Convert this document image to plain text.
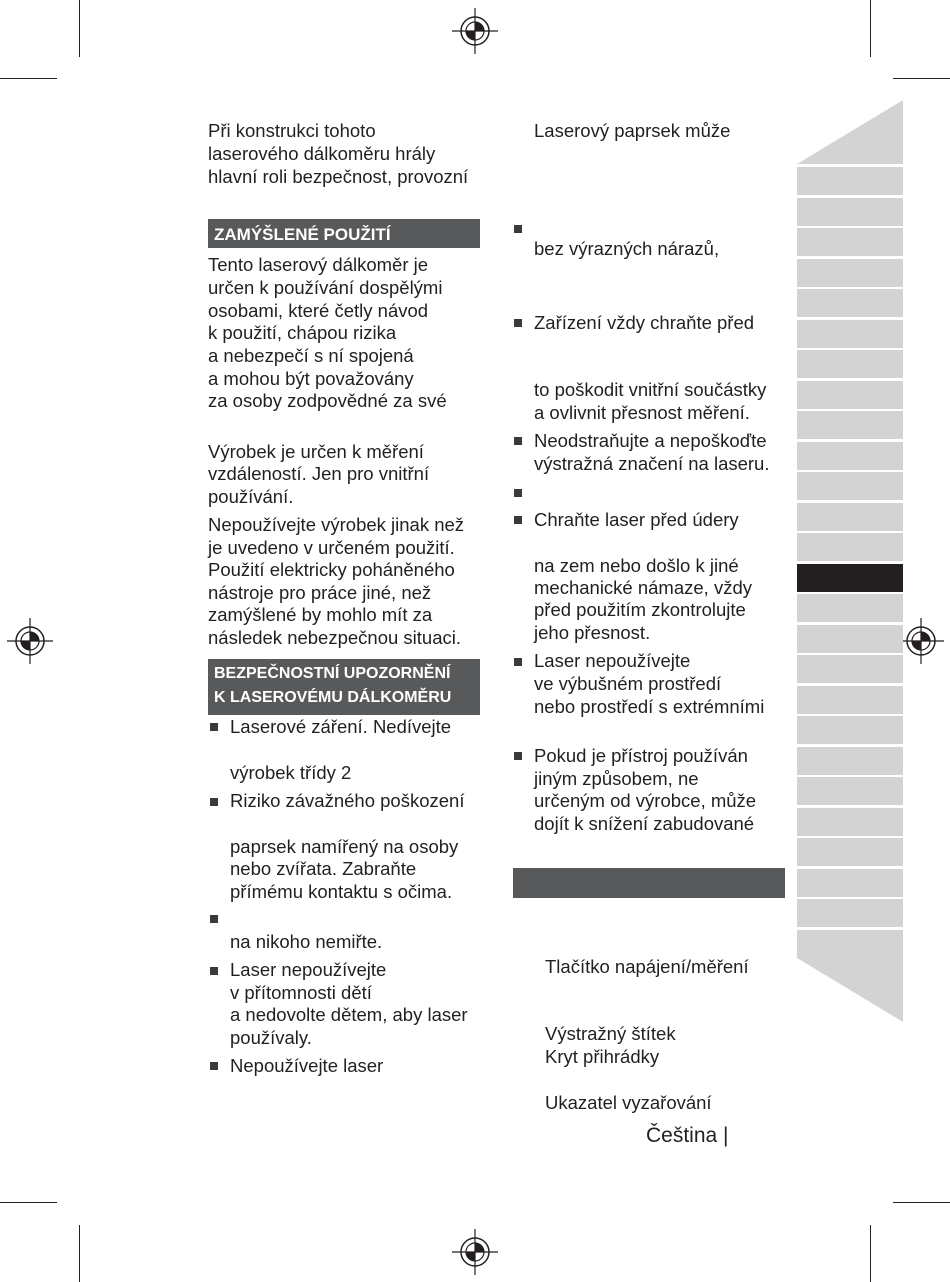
Při konstrukci tohoto
laserového dálkoměru hrály
hlavní roli bezpečnost, provozní
ZAMÝŠLENÉ POUŽITÍ
Tento laserový dálkoměr je
určen k používání dospělými
osobami, které četly návod
k použití, chápou rizika
a nebezpečí s ní spojená
a mohou být považovány
za osoby zodpovědné za své
Výrobek je určen k měření
vzdáleností. Jen pro vnitřní
používání.
Nepoužívejte výrobek jinak než
je uvedeno v určeném použití.
Použití elektricky poháněného
nástroje pro práce jiné, než
zamýšlené by mohlo mít za
následek nebezpečnou situaci.
BEZPEČNOSTNÍ UPOZORNĚNÍ
K LASEROVÉMU DÁLKOMĚRU
Laserové záření. Nedívejte
výrobek třídy 2
Riziko závažného poškození
paprsek namířený na osoby
nebo zvířata. Zabraňte
přímému kontaktu s očima.
na nikoho nemiřte.
Laser nepoužívejte
v přítomnosti dětí
a nedovolte dětem, aby laser
používaly.
Nepoužívejte laser
Laserový paprsek může
bez výrazných nárazů,
Zařízení vždy chraňte před
to poškodit vnitřní součástky
a ovlivnit přesnost měření.
Neodstraňujte a nepoškoďte
výstražná značení na laseru.
Chraňte laser před údery
na zem nebo došlo k jiné
mechanické námaze, vždy
před použitím zkontrolujte
jeho přesnost.
Laser nepoužívejte
ve výbušném prostředí
nebo prostředí s extrémními
Pokud je přístroj používán
jiným způsobem, ne
určeným od výrobce, může
dojít k snížení zabudované
Tlačítko napájení/měření
Výstražný štítek
Kryt přihrádky
Ukazatel vyzařování
Čeština |
